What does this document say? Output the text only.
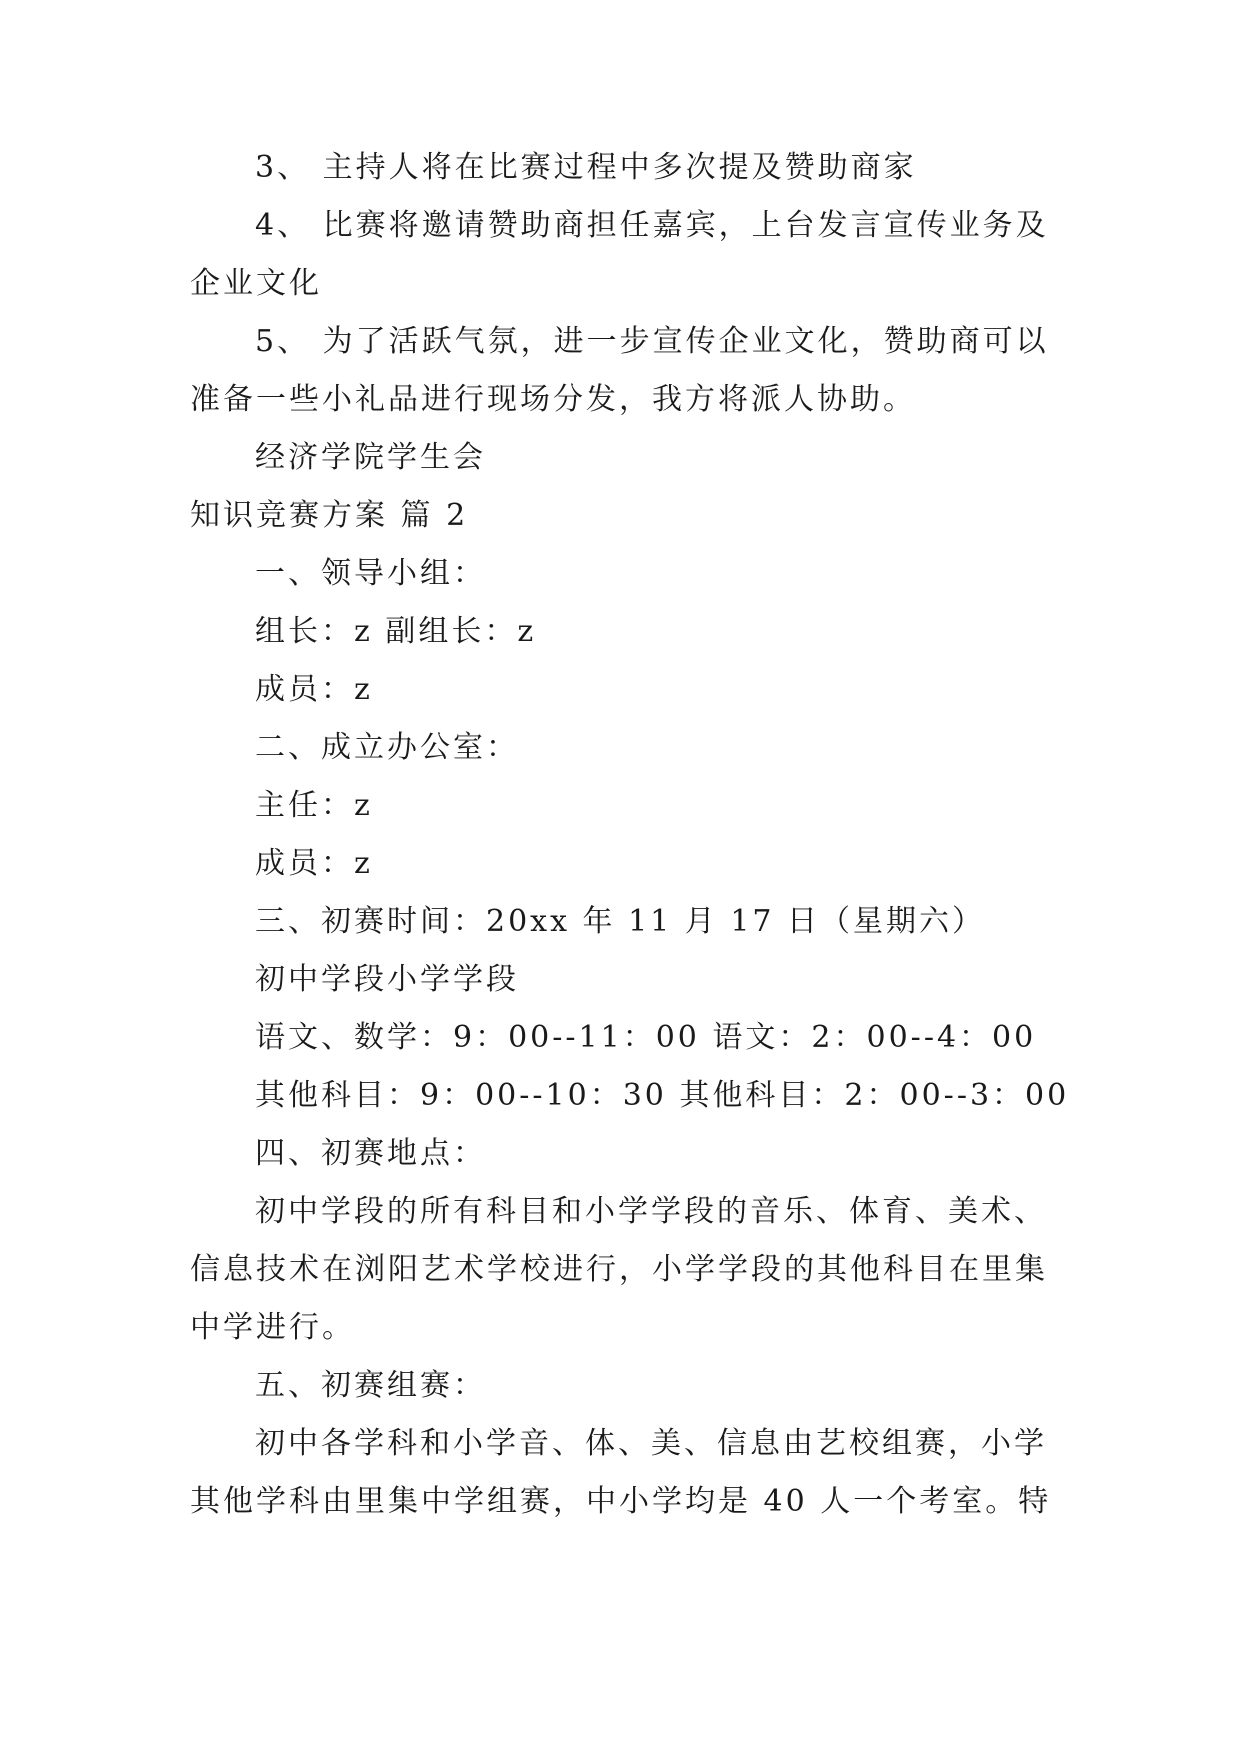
3、 主持人将在比赛过程中多次提及赞助商家
4、 比赛将邀请赞助商担任嘉宾，上台发言宣传业务及
企业文化
5、 为了活跃气氛，进一步宣传企业文化，赞助商可以
准备一些小礼品进行现场分发，我方将派人协助。
经济学院学生会
知识竞赛方案 篇 2
一、领导小组：
组长：z 副组长：z
成员：z
二、成立办公室：
主任：z
成员：z
三、初赛时间：20xx 年 11 月 17 日（星期六）
初中学段小学学段
语文、数学：9：00--11：00 语文：2：00--4：00
其他科目：9：00--10：30 其他科目：2：00--3：00
四、初赛地点：
初中学段的所有科目和小学学段的音乐、体育、美术、
信息技术在浏阳艺术学校进行，小学学段的其他科目在里集
中学进行。
五、初赛组赛：
初中各学科和小学音、体、美、信息由艺校组赛，小学
其他学科由里集中学组赛，中小学均是 40 人一个考室。特
